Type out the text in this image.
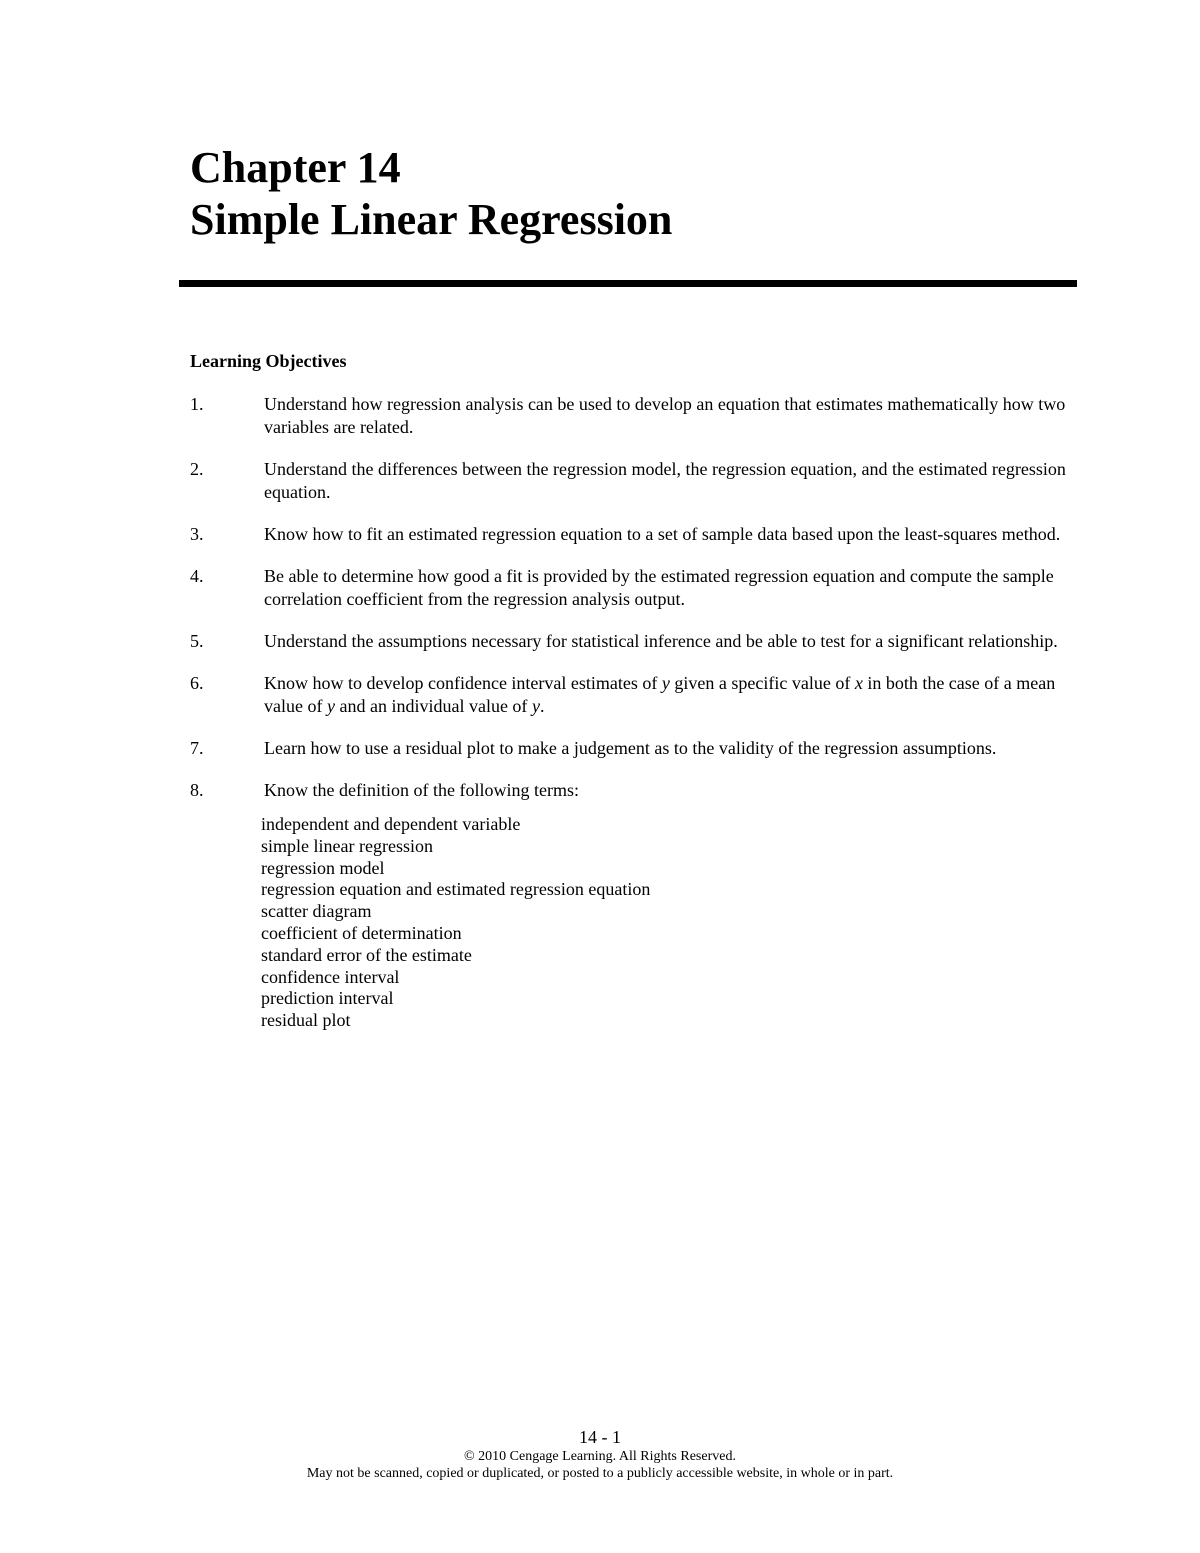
Chapter 14
Simple Linear Regression
Learning Objectives
1.	Understand how regression analysis can be used to develop an equation that estimates mathematically how two variables are related.
2.	Understand the differences between the regression model, the regression equation, and the estimated regression equation.
3.	Know how to fit an estimated regression equation to a set of sample data based upon the least-squares method.
4.	Be able to determine how good a fit is provided by the estimated regression equation and compute the sample correlation coefficient from the regression analysis output.
5.	Understand the assumptions necessary for statistical inference and be able to test for a significant relationship.
6.	Know how to develop confidence interval estimates of y given a specific value of x in both the case of a mean value of y and an individual value of y.
7.	Learn how to use a residual plot to make a judgement as to the validity of the regression assumptions.
8.	Know the definition of the following terms:
independent and dependent variable
simple linear regression
regression model
regression equation and estimated regression equation
scatter diagram
coefficient of determination
standard error of the estimate
confidence interval
prediction interval
residual plot
14 - 1
© 2010 Cengage Learning. All Rights Reserved.
May not be scanned, copied or duplicated, or posted to a publicly accessible website, in whole or in part.
